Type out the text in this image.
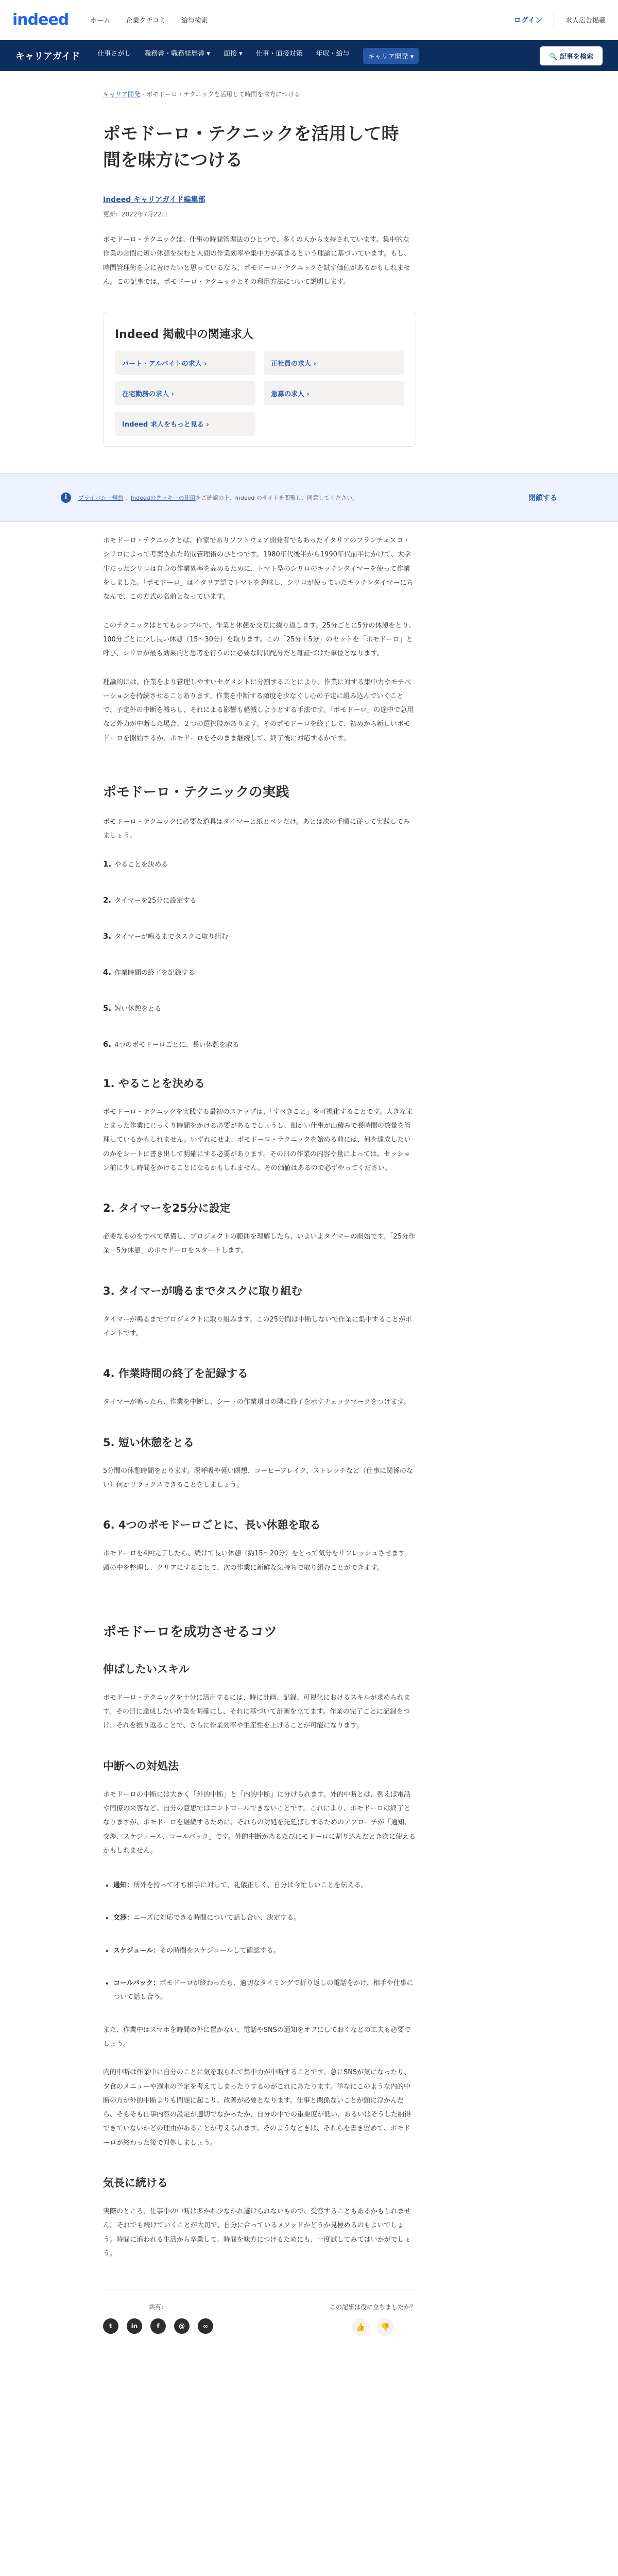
indeed	ホーム	企業クチコミ	給与検索	ログイン	求人広告掲載
キャリアガイド	仕事さがし 職務書・職務経歴書 ▾ 面接 ▾ 仕事・面接対策 年収・給与	キャリア開発 ▾	🔍 記事を検索
キャリア開発 › ポモドーロ・テクニックを活用して時間を味方につける
ポモドーロ・テクニックを活用して時間を味方につける
Indeed キャリアガイド編集部
更新：2022年7月22日

ポモドーロ・テクニックは、仕事の時間管理法のひとつで、多くの人から支持されています。集中的な作業の合間に短い休憩を挟むと人間の作業効率や集中力が高まるという理論に基づいています。もし、時間管理術を身に着けたいと思っているなら、ポモドーロ・テクニックを試す価値があるかもしれません。この記事では、ポモドーロ・テクニックとその利用方法について説明します。

Indeed 掲載中の関連求人
パート・アルバイトの求人 ›	正社員の求人 ›
在宅勤務の求人 ›	急募の求人 ›
Indeed 求人をもっと見る ›

ポモドーロ・テクニックとは、作家でありソフトウェア開発者でもあったイタリアのフランチェスコ・シリロによって考案された時間管理術のひとつです。1980年代後半から1990年代前半にかけて、大学生だったシリロは自身の作業効率を高めるために、トマト型のシリロのキッチンタイマーを使って作業をしました。「ポモドーロ」はイタリア語でトマトを意味し、シリロが使っていたキッチンタイマーにちなんで、この方式の名前となっています。

このテクニックはとてもシンプルで、作業と休憩を交互に繰り返します。25分ごとに5分の休憩をとり、100分ごとに少し長い休憩（15〜30分）を取ります。この「25分＋5分」のセットを「ポモドーロ」と呼び、シリロが最も効果的と思考を行うのに必要な時間配分だと確証づけた単位となります。

理論的には、作業をより管理しやすいセグメントに分割することにより、作業に対する集中力やモチベーションを持続させることあります。作業を中断する頻度を少なくし心の予定に組み込んでいくことで、予定外の中断を減らし、それによる影響も軽減しようとする手法です。「ポモドーロ」の途中で急用など外力が中断した場合、２つの選択肢があります。そのポモドーロを終了して、初めから新しいポモドーロを開始するか、ポモドーロをそのまま継続して、終了後に対応するかです。

ポモドーロ・テクニックの実践

ポモドーロ・テクニックに必要な道具はタイマーと紙とペンだけ。あとは次の手順に従って実践してみましょう。

1. やることを決める
2. タイマーを25分に設定する
3. タイマーが鳴るまでタスクに取り組む
4. 作業時間の終了を記録する
5. 短い休憩をとる
6. 4つのポモドーロごとに、長い休憩を取る
1. やることを決める

ポモドーロ・テクニックを実践する最初のステップは、「すべきこと」を可視化することです。大きなまとまった作業にじっくり時間をかける必要があるでしょうし、細かい仕事が山積みで長時間の数量を管理しているかもしれません。いずれにせよ、ポモドーロ・テクニックを始める前には、何を達成したいのかをシートに書き出して明確にする必要があります。その日の作業の内容や量によっては、セッション前に少し時間をかけることになるかもしれません。その価値はあるので必ずやってください。

2. タイマーを25分に設定

必要なものをすべて準備し、プロジェクトの範囲を理解したら、いよいよタイマーの開始です。「25分作業＋5分休憩」のポモドーロをスタートします。

3. タイマーが鳴るまでタスクに取り組む

タイマーが鳴るまでプロジェクトに取り組みます。この25分間は中断しないで作業に集中することがポイントです。

4. 作業時間の終了を記録する

タイマーが鳴ったら、作業を中断し、シートの作業項目の隣に終了を示すチェックマークをつけます。

5. 短い休憩をとる

5分間の休憩時間をとります。深呼吸や軽い瞑想、コーヒーブレイク、ストレッチなど（仕事に関係のない）何かリラックスできることをしましょう。

6. 4つのポモドーロごとに、長い休憩を取る

ポモドーロを4回完了したら、続けて長い休憩（約15〜20分）をとって気分をリフレッシュさせます。頭の中を整理し、クリアにすることで、次の作業に新鮮な気持ちで取り組むことができます。

ポモドーロを成功させるコツ
伸ばしたいスキル

ポモドーロ・テクニックを十分に活用するには、時に計画、記録、可視化におけるスキルが求められます。その日に達成したい作業を明確にし、それに基づいて計画を立てます。作業の完了ごとに記録をつけ、それを振り返ることで、さらに作業効率や生産性を上げることが可能になります。

中断への対処法

ポモドーロの中断には大きく「外的中断」と「内的中断」に分けられます。外的中断とは、例えば電話や同僚の来客など、自分の意思ではコントロールできないことです。これにより、ポモドーロは終了となりますが、ポモドーロを継続するために、それらの対処を先延ばしするためのアプローチが「通知、交渉、スケジュール、コールバック」です。外的中断があるたびにモドーロに割り込んだとき次に使えるかもしれません。

• 通知：所外を持って才ち相手に対して、礼儀正しく、自分は今忙しいことを伝える。
• 交渉：ニーズに対応できる時間について話し合い、決定する。
• スケジュール：その時間をスケジュールして確認する。
• コールバック：ポモドーロが終わったら、適切なタイミングで折り返しの電話をかけ、相手や仕事について話し合う。

また、作業中はスマホを時間の外に置かない、電話やSNSの通知をオフにしておくなどの工夫も必要でしょう。

内的中断は作業中に自分のことに気を取られて集中力が中断することです。急にSNSが気になったり、夕食のメニューや週末の予定を考えてしまったりするのがこれにあたります。単なにこのような内的中断の方が外的中断よりも問題に起こり、改善が必要となります。仕事と関係ないことが頭に浮かんだら、そもそも仕事内容の設定が適切でなかったか、自分の中での重要度が低い、あるいはそうした納得できていないかどの理由があることが考えられます。そのようなときは、それらを書き留めて、ポモドーロが終わった後で対処しましょう。

気長に続ける

実際のところ、仕事中の中断は多かれ少なかれ避けられないもので、受容することもあるかもしれません。それでも続けていくことが大切で、自分に合っているメソッドかどうか見極めるのもよいでしょう。時間に追われる生活から卒業して、時間を味方につけるためにも、一度試してみてはいかがでしょう。

共有：
t	in	f	@	∞
この記事は役に立ちましたか？
👍	👎
i	プライバシー規約 、Indeedのクッキーの使用をご確認の上、Indeed のサイトを閲覧し、同意してください。	閉鎖する
